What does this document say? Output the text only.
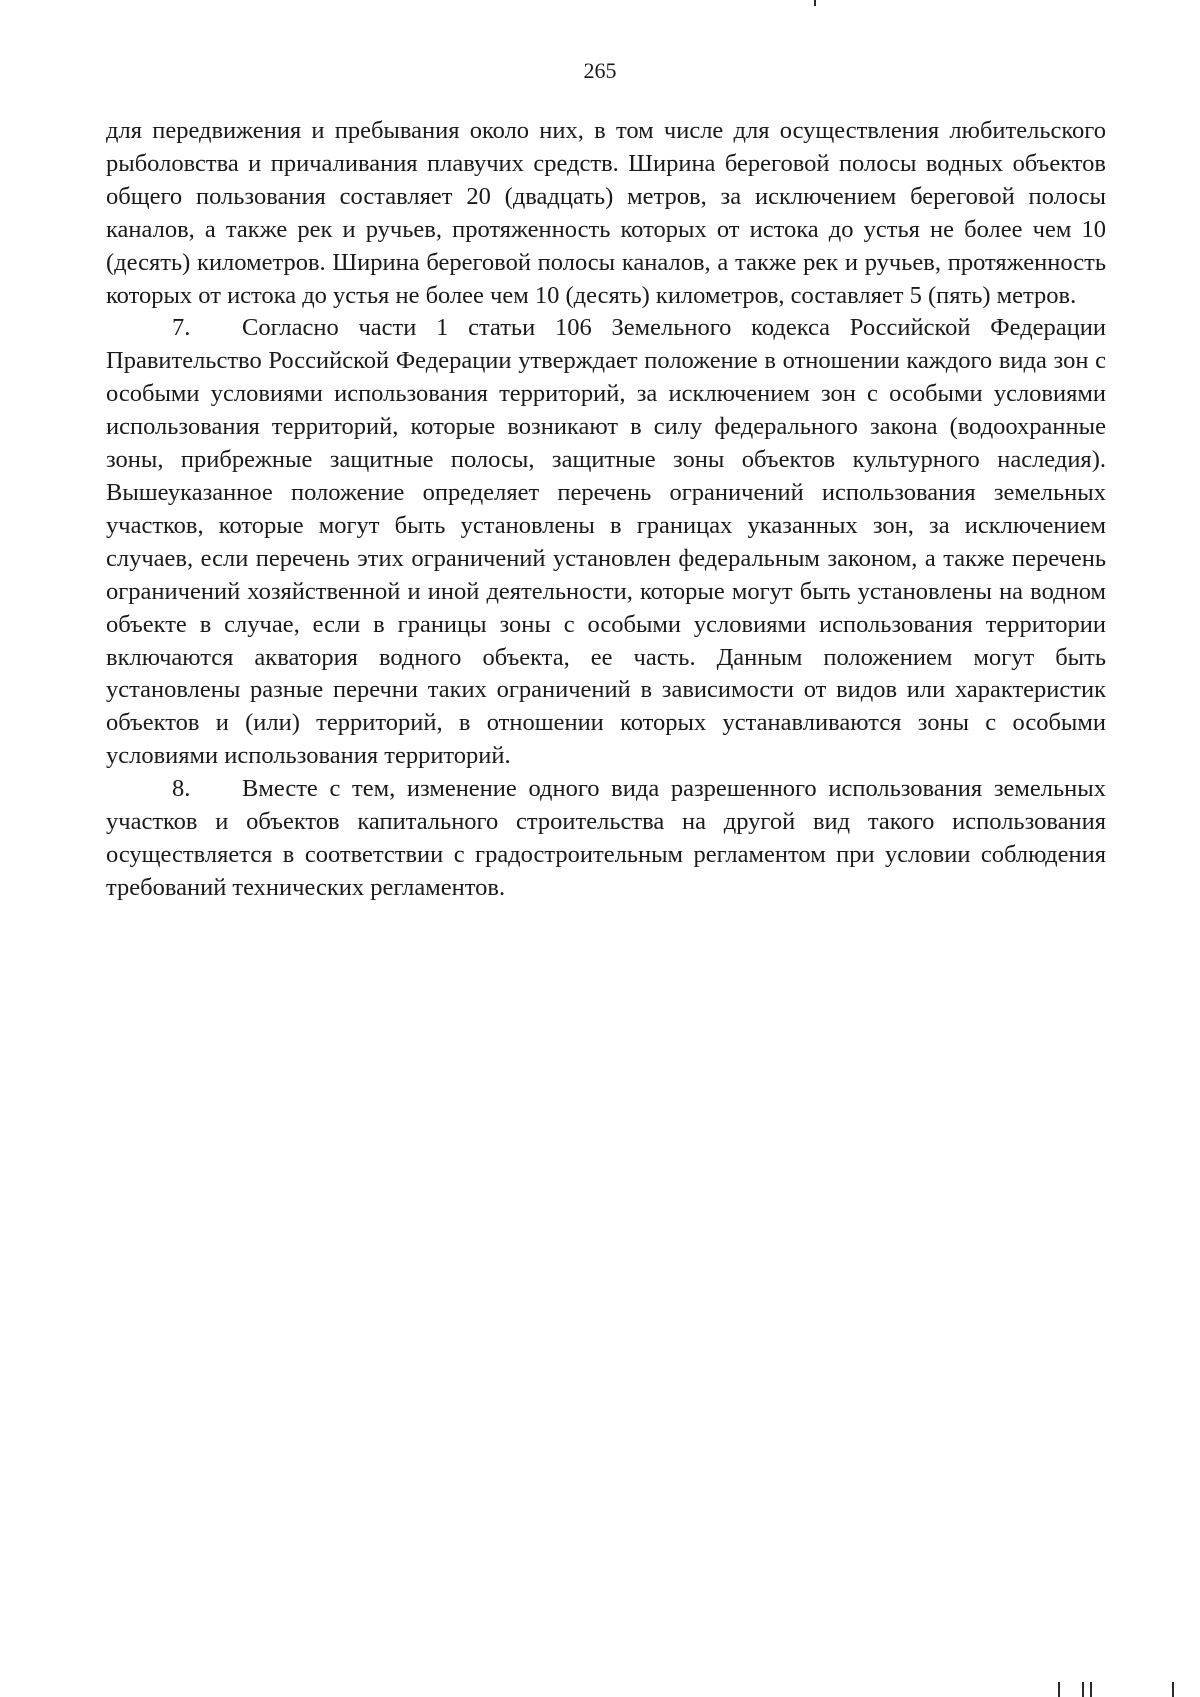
265

для передвижения и пребывания около них, в том числе для осуществления любительского рыболовства и причаливания плавучих средств. Ширина береговой полосы водных объектов общего пользования составляет 20 (двадцать) метров, за исключением береговой полосы каналов, а также рек и ручьев, протяженность которых от истока до устья не более чем 10 (десять) километров. Ширина береговой полосы каналов, а также рек и ручьев, протяженность которых от истока до устья не более чем 10 (десять) километров, составляет 5 (пять) метров.

7. Согласно части 1 статьи 106 Земельного кодекса Российской Федерации Правительство Российской Федерации утверждает положение в отношении каждого вида зон с особыми условиями использования территорий, за исключением зон с особыми условиями использования территорий, которые возникают в силу федерального закона (водоохранные зоны, прибрежные защитные полосы, защитные зоны объектов культурного наследия). Вышеуказанное положение определяет перечень ограничений использования земельных участков, которые могут быть установлены в границах указанных зон, за исключением случаев, если перечень этих ограничений установлен федеральным законом, а также перечень ограничений хозяйственной и иной деятельности, которые могут быть установлены на водном объекте в случае, если в границы зоны с особыми условиями использования территории включаются акватория водного объекта, ее часть. Данным положением могут быть установлены разные перечни таких ограничений в зависимости от видов или характеристик объектов и (или) территорий, в отношении которых устанавливаются зоны с особыми условиями использования территорий.

8. Вместе с тем, изменение одного вида разрешенного использования земельных участков и объектов капитального строительства на другой вид такого использования осуществляется в соответствии с градостроительным регламентом при условии соблюдения требований технических регламентов.
